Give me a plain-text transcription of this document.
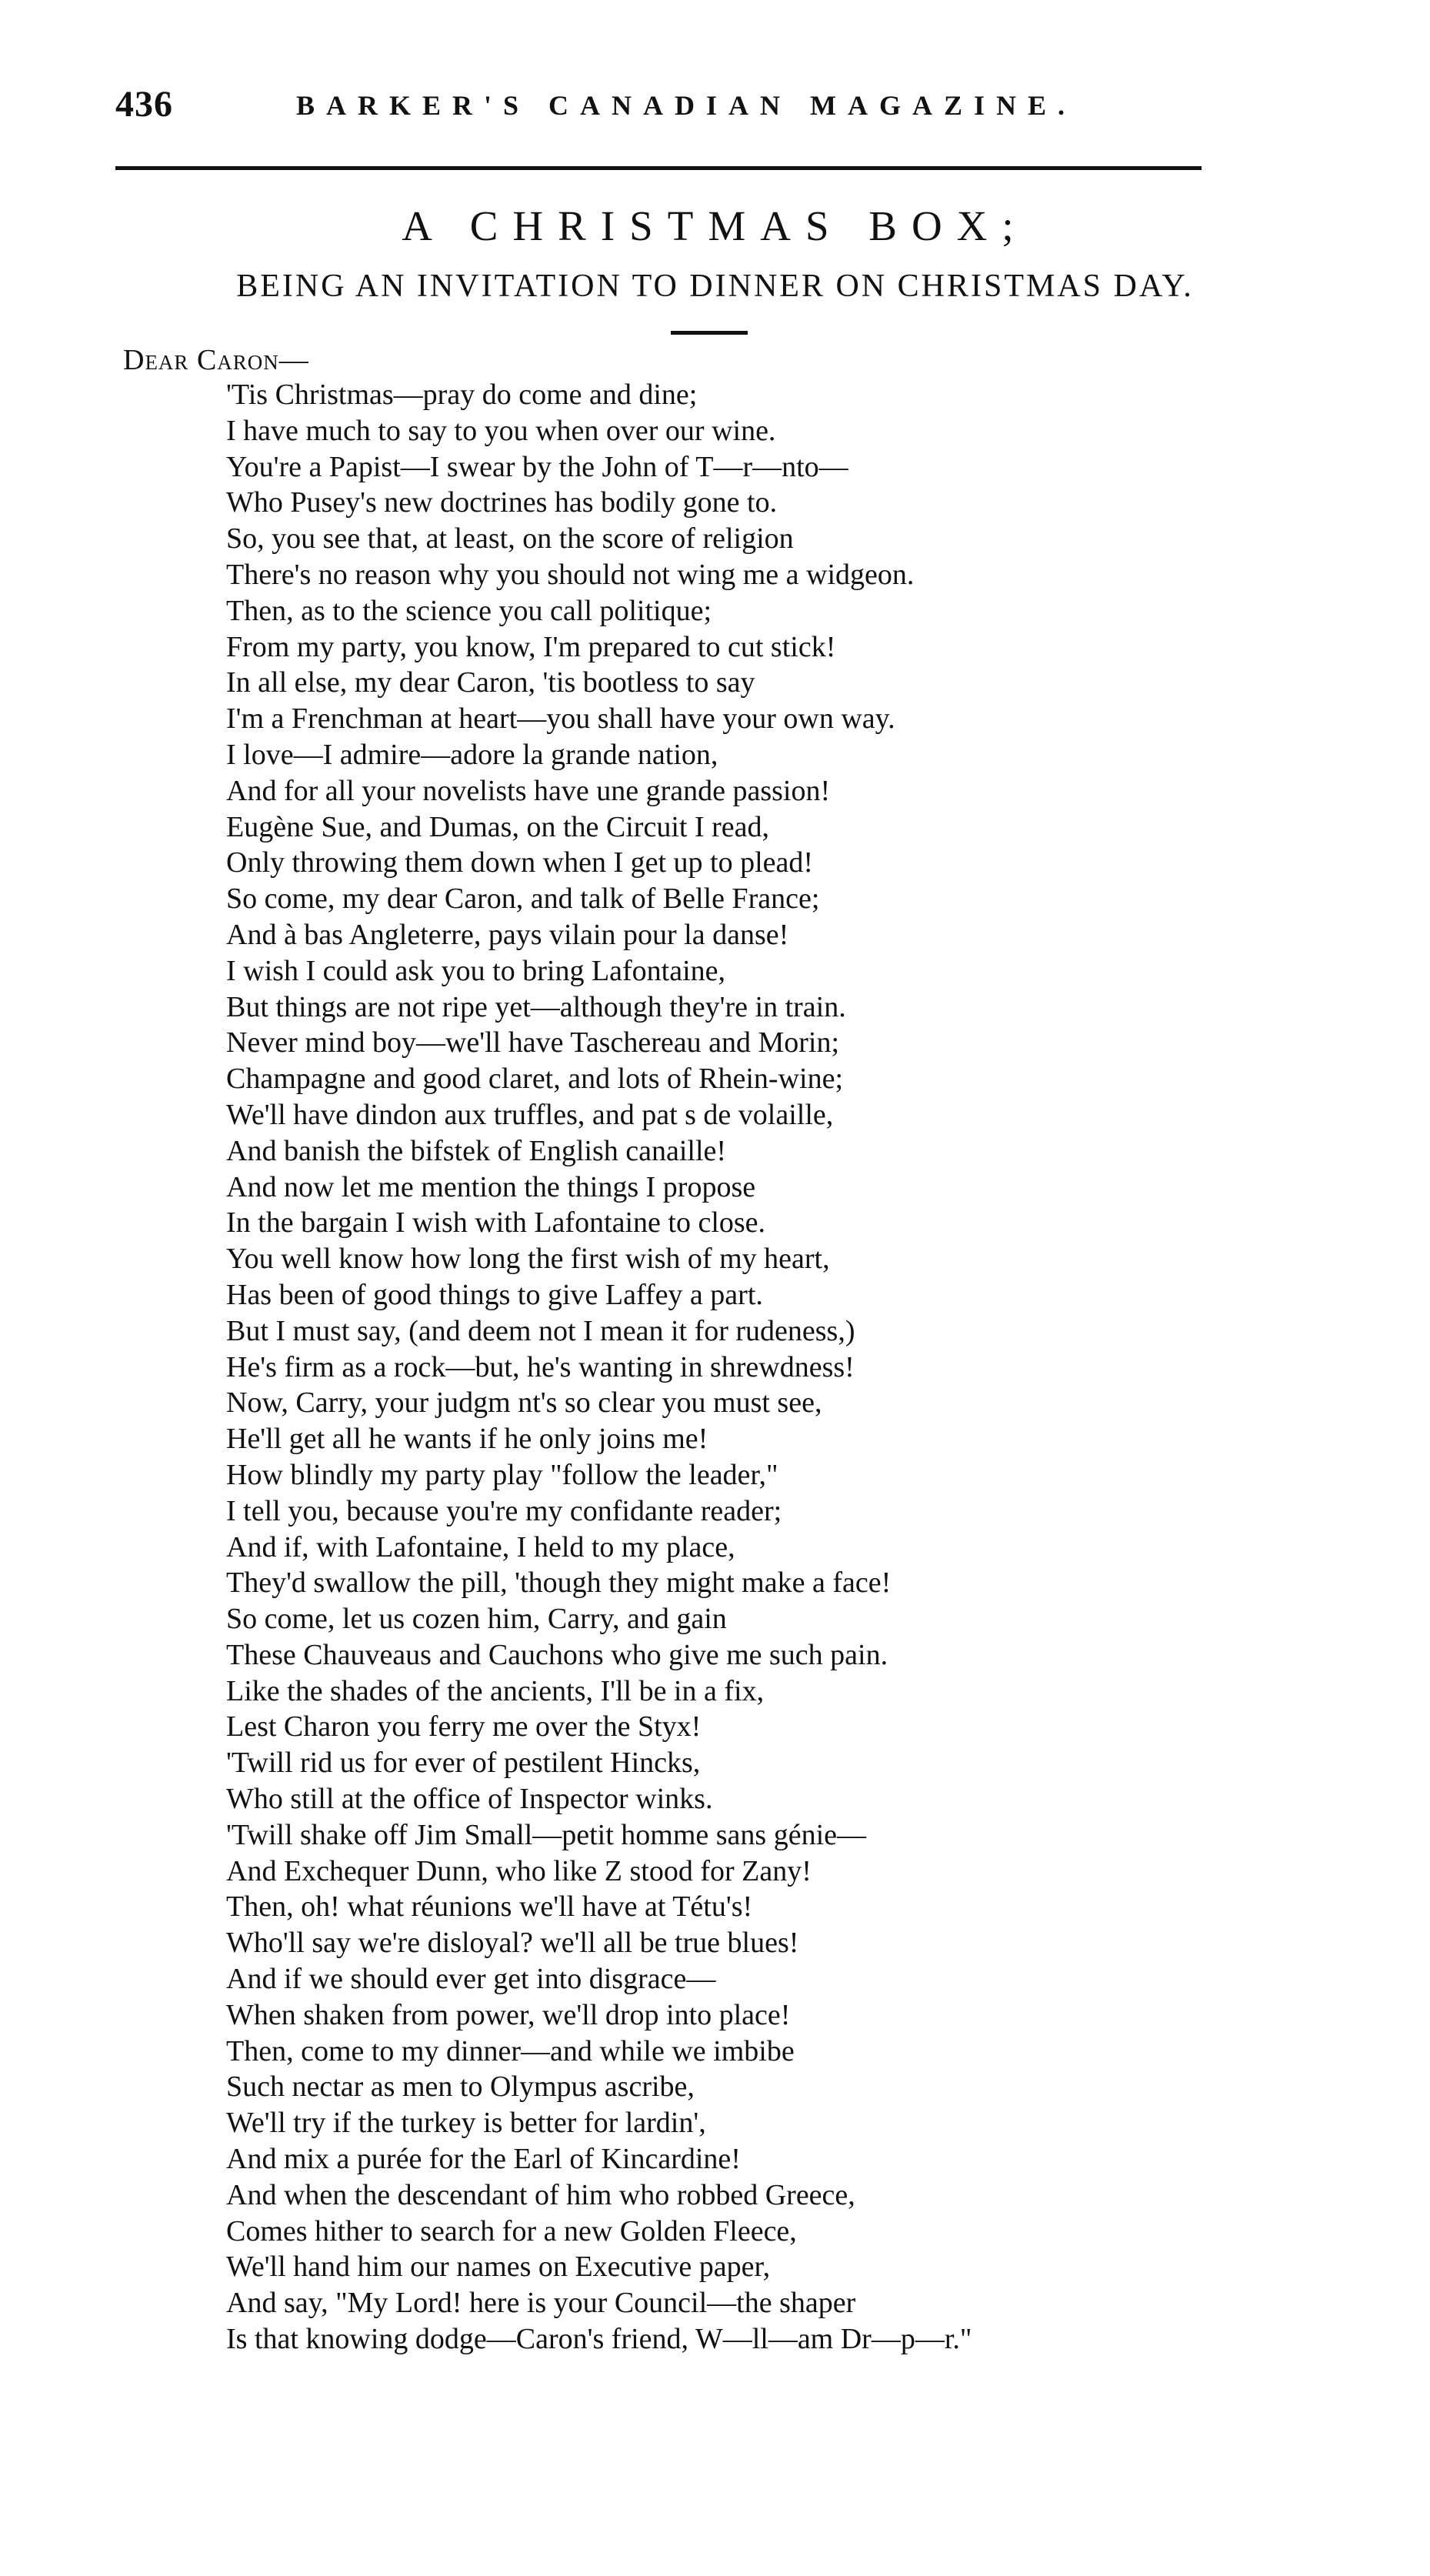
436	BARKER'S CANADIAN MAGAZINE.
A CHRISTMAS BOX;
BEING AN INVITATION TO DINNER ON CHRISTMAS DAY.
Dear Caron—
'Tis Christmas—pray do come and dine;
I have much to say to you when over our wine.
You're a Papist—I swear by the John of T—r—nto—
Who Pusey's new doctrines has bodily gone to.
So, you see that, at least, on the score of religion
There's no reason why you should not wing me a widgeon.
Then, as to the science you call politique;
From my party, you know, I'm prepared to cut stick!
In all else, my dear Caron, 'tis bootless to say
I'm a Frenchman at heart—you shall have your own way.
I love—I admire—adore la grande nation,
And for all your novelists have une grande passion!
Eugène Sue, and Dumas, on the Circuit I read,
Only throwing them down when I get up to plead!
So come, my dear Caron, and talk of Belle France;
And à bas Angleterre, pays vilain pour la danse!
I wish I could ask you to bring Lafontaine,
But things are not ripe yet—although they're in train.
Never mind boy—we'll have Taschereau and Morin;
Champagne and good claret, and lots of Rhein-wine;
We'll have dindon aux truffles, and pat s de volaille,
And banish the bifstek of English canaille!
And now let me mention the things I propose
In the bargain I wish with Lafontaine to close.
You well know how long the first wish of my heart,
Has been of good things to give Laffey a part.
But I must say, (and deem not I mean it for rudeness,)
He's firm as a rock—but, he's wanting in shrewdness!
Now, Carry, your judgm nt's so clear you must see,
He'll get all he wants if he only joins me!
How blindly my party play "follow the leader,"
I tell you, because you're my confidante reader;
And if, with Lafontaine, I held to my place,
They'd swallow the pill, 'though they might make a face!
So come, let us cozen him, Carry, and gain
These Chauveaus and Cauchons who give me such pain.
Like the shades of the ancients, I'll be in a fix,
Lest Charon you ferry me over the Styx!
'Twill rid us for ever of pestilent Hincks,
Who still at the office of Inspector winks.
'Twill shake off Jim Small—petit homme sans génie—
And Exchequer Dunn, who like Z stood for Zany!
Then, oh! what réunions we'll have at Tétu's!
Who'll say we're disloyal? we'll all be true blues!
And if we should ever get into disgrace—
When shaken from power, we'll drop into place!
Then, come to my dinner—and while we imbibe
Such nectar as men to Olympus ascribe,
We'll try if the turkey is better for lardin',
And mix a purée for the Earl of Kincardine!
And when the descendant of him who robbed Greece,
Comes hither to search for a new Golden Fleece,
We'll hand him our names on Executive paper,
And say, "My Lord! here is your Council—the shaper
Is that knowing dodge—Caron's friend, W—ll—am Dr—p—r."
